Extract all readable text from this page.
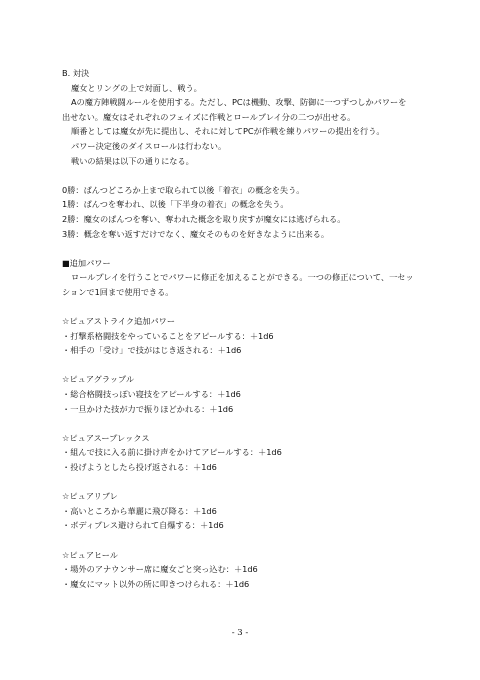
B. 対決
魔女とリングの上で対面し、戦う。
Aの魔方陣戦闘ルールを使用する。ただし、PCは機動、攻撃、防御に一つずつしかパワーを
出せない。魔女はそれぞれのフェイズに作戦とロールプレイ分の二つが出せる。
順番としては魔女が先に提出し、それに対してPCが作戦を練りパワーの提出を行う。
パワー決定後のダイスロールは行わない。
戦いの結果は以下の通りになる。
0勝：ぱんつどころか上まで取られて以後「着衣」の概念を失う。
1勝：ぱんつを奪われ、以後「下半身の着衣」の概念を失う。
2勝：魔女のぱんつを奪い、奪われた概念を取り戻すが魔女には逃げられる。
3勝：概念を奪い返すだけでなく、魔女そのものを好きなように出来る。
■追加パワー
ロールプレイを行うことでパワーに修正を加えることができる。一つの修正について、一セッ
ションで1回まで使用できる。
☆ピュアストライク追加パワー
・打撃系格闘技をやっていることをアピールする：＋1d6
・相手の「受け」で技がはじき返される：＋1d6
☆ピュアグラップル
・総合格闘技っぽい寝技をアピールする：＋1d6
・一旦かけた技が力で振りほどかれる：＋1d6
☆ピュアスープレックス
・組んで技に入る前に掛け声をかけてアピールする：＋1d6
・投げようとしたら投げ返される：＋1d6
☆ピュアリブレ
・高いところから華麗に飛び降る：＋1d6
・ボディプレス避けられて自爆する：＋1d6
☆ピュアヒール
・場外のアナウンサー席に魔女ごと突っ込む：＋1d6
・魔女にマット以外の所に叩きつけられる：＋1d6
- 3 -
